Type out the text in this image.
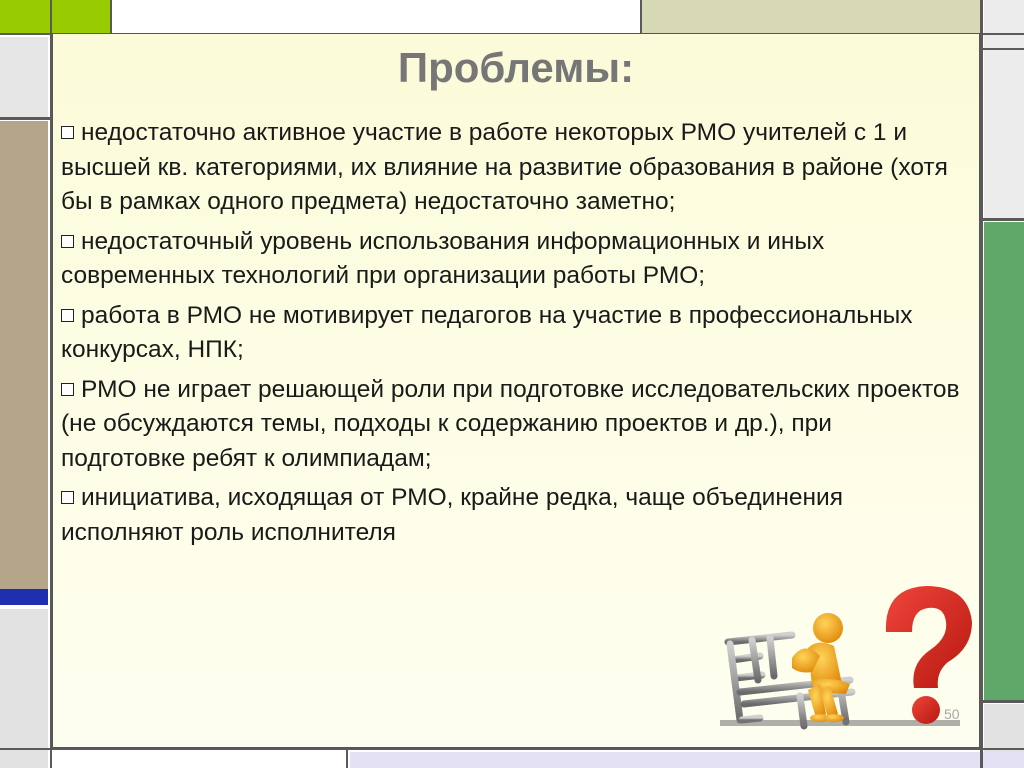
Проблемы:
недостаточно активное участие в работе некоторых РМО учителей с 1 и высшей кв. категориями, их влияние на развитие образования в районе (хотя бы в рамках одного предмета) недостаточно заметно;
недостаточный уровень использования информационных и иных современных технологий при организации работы РМО;
работа в РМО не мотивирует педагогов на участие в профессиональных конкурсах, НПК;
РМО не играет решающей роли при подготовке исследовательских проектов (не обсуждаются темы, подходы к содержанию проектов и др.), при подготовке ребят к олимпиадам;
инициатива, исходящая от РМО, крайне редка, чаще объединения исполняют роль исполнителя
50
